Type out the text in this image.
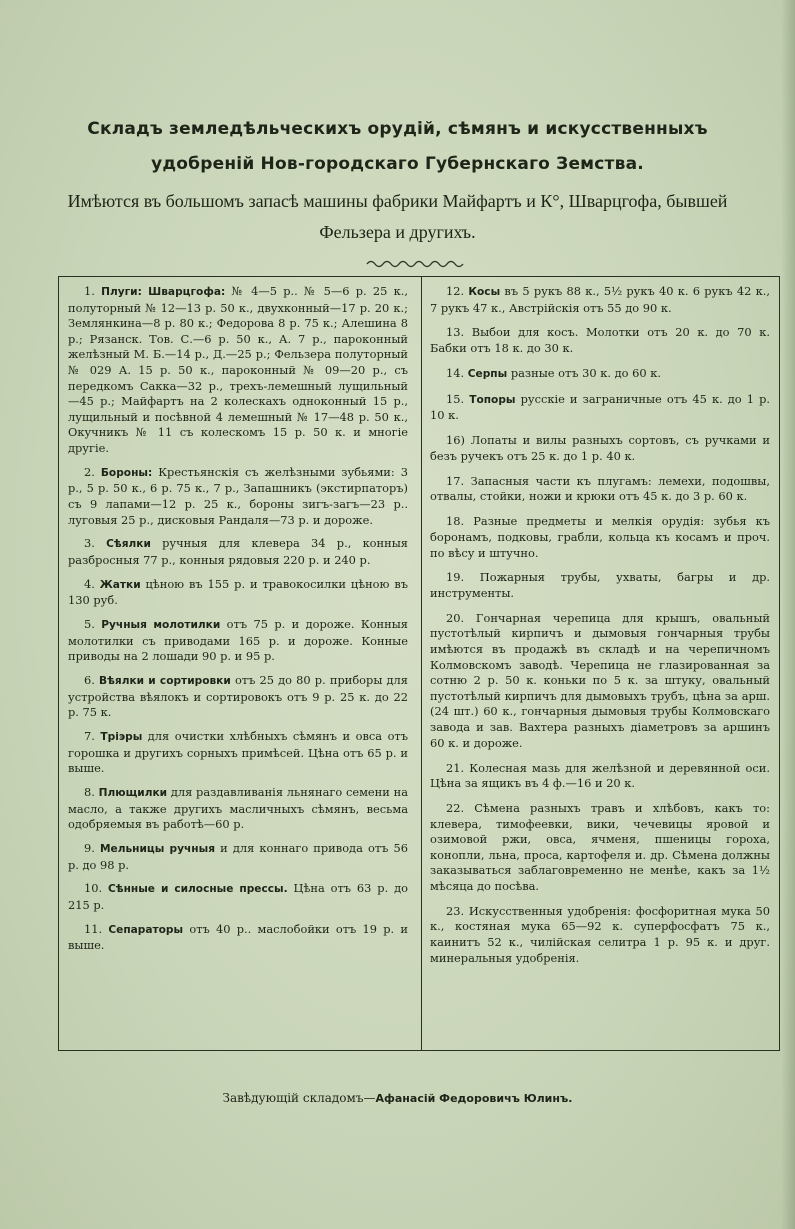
Складъ земледѣльческихъ орудій, сѣмянъ и искусственныхъ удобреній Нов-городскаго Губернскаго Земства.
Имѣются въ большомъ запасѣ машины фабрики Майфартъ и К°, Шварцгофа, бывшей Фельзера и другихъ.

1. Плуги: Шварцгофа: № 4—5 р.. № 5—6 р. 25 к., полуторный № 12—13 р. 50 к., двухконный—17 р. 20 к.; Землянкина—8 р. 80 к.; Федорова 8 р. 75 к.; Алешина 8 р.; Рязанск. Тов. С.—6 р. 50 к., А. 7 р., пароконный желѣзный М. Б.—14 р., Д.—25 р.; Фельзера полуторный № 029 А. 15 р. 50 к., пароконный № 09—20 р., съ передкомъ Сакка—32 р., трехъ-лемешный лущильный—45 р.; Майфартъ на 2 колескахъ одноконный 15 р., лущильный и посѣвной 4 лемешный № 17—48 р. 50 к., Окучникъ № 11 съ колескомъ 15 р. 50 к. и многіе другіе.

2. Бороны: Крестьянскія съ желѣзными зубьями: 3 р., 5 р. 50 к., 6 р. 75 к., 7 р., Запашникъ (экстирпаторъ) съ 9 лапами—12 р. 25 к., бороны зигъ-загъ—23 р.. луговыя 25 р., дисковыя Рандаля—73 р. и дороже.

3. Сѣялки ручныя для клевера 34 р., конныя разбросныя 77 р., конныя рядовыя 220 р. и 240 р.

4. Жатки цѣною въ 155 р. и травокосилки цѣною въ 130 руб.

5. Ручныя молотилки отъ 75 р. и дороже. Конныя молотилки съ приводами 165 р. и дороже. Конные приводы на 2 лошади 90 р. и 95 р.

6. Вѣялки и сортировки отъ 25 до 80 р. приборы для устройства вѣялокъ и сортировокъ отъ 9 р. 25 к. до 22 р. 75 к.

7. Тріэры для очистки хлѣбныхъ сѣмянъ и овса отъ горошка и другихъ сорныхъ примѣсей. Цѣна отъ 65 р. и выше.

8. Плющилки для раздавливанія льнянаго семени на масло, а также другихъ масличныхъ сѣмянъ, весьма одобряемыя въ работѣ—60 р.

9. Мельницы ручныя и для коннаго привода отъ 56 р. до 98 р.

10. Сѣнные и силосные прессы. Цѣна отъ 63 р. до 215 р.

11. Сепараторы отъ 40 р.. маслобойки отъ 19 р. и выше.

12. Косы въ 5 рукъ 88 к., 5½ рукъ 40 к. 6 рукъ 42 к., 7 рукъ 47 к., Австрійскія отъ 55 до 90 к.

13. Выбои для косъ. Молотки отъ 20 к. до 70 к. Бабки отъ 18 к. до 30 к.

14. Серпы разные отъ 30 к. до 60 к.

15. Топоры русскіе и заграничные отъ 45 к. до 1 р. 10 к.

16) Лопаты и вилы разныхъ сортовъ, съ ручками и безъ ручекъ отъ 25 к. до 1 р. 40 к.

17. Запасныя части къ плугамъ: лемехи, подошвы, отвалы, стойки, ножи и крюки отъ 45 к. до 3 р. 60 к.

18. Разные предметы и мелкія орудія: зубья къ боронамъ, подковы, грабли, кольца къ косамъ и проч. по вѣсу и штучно.

19. Пожарныя трубы, ухваты, багры и др. инструменты.

20. Гончарная черепица для крышъ, овальный пустотѣлый кирпичъ и дымовыя гончарныя трубы имѣются въ продажѣ въ складѣ и на черепичномъ Колмовскомъ заводѣ. Черепица не глазированная за сотню 2 р. 50 к. коньки по 5 к. за штуку, овальный пустотѣлый кирпичъ для дымовыхъ трубъ, цѣна за арш. (24 шт.) 60 к., гончарныя дымовыя трубы Колмовскаго завода и зав. Вахтера разныхъ діаметровъ за аршинъ 60 к. и дороже.

21. Колесная мазь для желѣзной и деревянной оси. Цѣна за ящикъ въ 4 ф.—16 и 20 к.

22. Сѣмена разныхъ травъ и хлѣбовъ, какъ то: клевера, тимофеевки, вики, чечевицы яровой и озимовой ржи, овса, ячменя, пшеницы гороха, конопли, льна, проса, картофеля и. др. Сѣмена должны заказываться заблаговременно не менѣе, какъ за 1½ мѣсяца до посѣва.

23. Искусственныя удобренія: фосфоритная мука 50 к., костяная мука 65—92 к. суперфосфатъ 75 к., каинитъ 52 к., чилійская селитра 1 р. 95 к. и друг. минеральныя удобренія.

Завѣдующій складомъ—Афанасій Федоровичъ Юлинъ.
